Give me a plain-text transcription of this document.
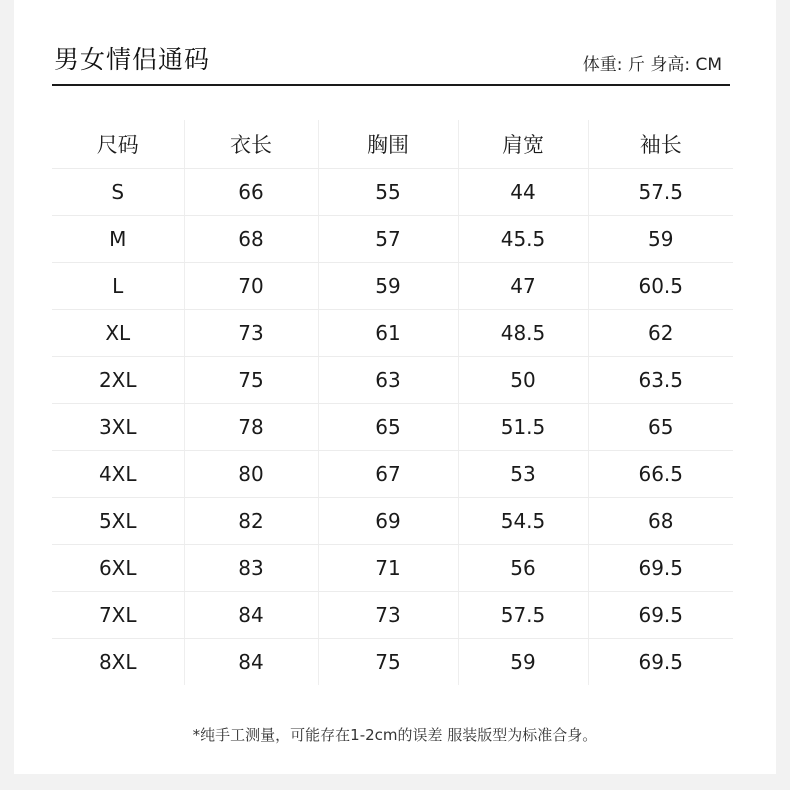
男女情侣通码	体重: 斤 身高: CM
尺码	衣长	胸围	肩宽	袖长
S	66	55	44	57.5
M	68	57	45.5	59
L	70	59	47	60.5
XL	73	61	48.5	62
2XL	75	63	50	63.5
3XL	78	65	51.5	65
4XL	80	67	53	66.5
5XL	82	69	54.5	68
6XL	83	71	56	69.5
7XL	84	73	57.5	69.5
8XL	84	75	59	69.5
*纯手工测量，可能存在1-2cm的误差 服装版型为标准合身。
